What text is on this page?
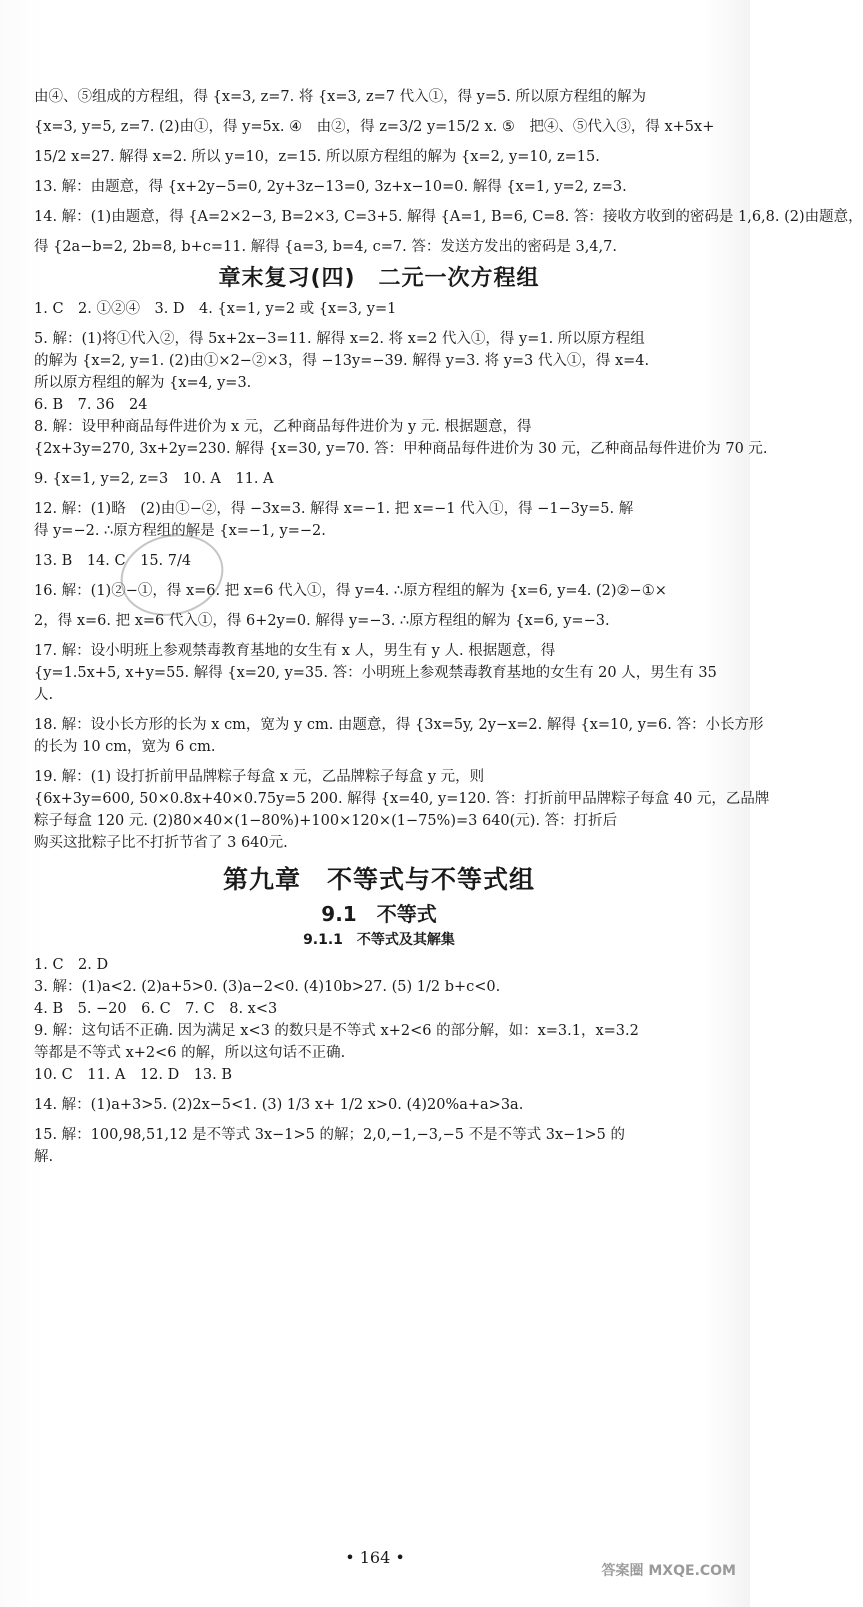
由④、⑤组成的方程组，得 {x=3, z=7. 将 {x=3, z=7 代入①，得 y=5. 所以原方程组的解为
{x=3, y=5, z=7. (2)由①，得 y=5x. ④　由②，得 z=3/2 y=15/2 x. ⑤　把④、⑤代入③，得 x+5x+
15/2 x=27. 解得 x=2. 所以 y=10，z=15. 所以原方程组的解为 {x=2, y=10, z=15.
13. 解：由题意，得 {x+2y−5=0, 2y+3z−13=0, 3z+x−10=0. 解得 {x=1, y=2, z=3.
14. 解：(1)由题意，得 {A=2×2−3, B=2×3, C=3+5. 解得 {A=1, B=6, C=8. 答：接收方收到的密码是 1,6,8. (2)由题意，
得 {2a−b=2, 2b=8, b+c=11. 解得 {a=3, b=4, c=7. 答：发送方发出的密码是 3,4,7.
章末复习(四)　二元一次方程组
1. C　2. ①②④　3. D　4. {x=1, y=2 或 {x=3, y=1
5. 解：(1)将①代入②，得 5x+2x−3=11. 解得 x=2. 将 x=2 代入①，得 y=1. 所以原方程组
的解为 {x=2, y=1. (2)由①×2−②×3，得 −13y=−39. 解得 y=3. 将 y=3 代入①，得 x=4.
所以原方程组的解为 {x=4, y=3.
6. B　7. 36　24
8. 解：设甲种商品每件进价为 x 元，乙种商品每件进价为 y 元. 根据题意，得
{2x+3y=270, 3x+2y=230. 解得 {x=30, y=70. 答：甲种商品每件进价为 30 元，乙种商品每件进价为 70 元.
9. {x=1, y=2, z=3　10. A　11. A
12. 解：(1)略　(2)由①−②，得 −3x=3. 解得 x=−1. 把 x=−1 代入①，得 −1−3y=5. 解
得 y=−2. ∴原方程组的解是 {x=−1, y=−2.
13. B　14. C　15. 7/4
16. 解：(1)②−①，得 x=6. 把 x=6 代入①，得 y=4. ∴原方程组的解为 {x=6, y=4. (2)②−①×
2，得 x=6. 把 x=6 代入①，得 6+2y=0. 解得 y=−3. ∴原方程组的解为 {x=6, y=−3.
17. 解：设小明班上参观禁毒教育基地的女生有 x 人，男生有 y 人. 根据题意，得
{y=1.5x+5, x+y=55. 解得 {x=20, y=35. 答：小明班上参观禁毒教育基地的女生有 20 人，男生有 35
人.
18. 解：设小长方形的长为 x cm，宽为 y cm. 由题意，得 {3x=5y, 2y−x=2. 解得 {x=10, y=6. 答：小长方形
的长为 10 cm，宽为 6 cm.
19. 解：(1) 设打折前甲品牌粽子每盒 x 元，乙品牌粽子每盒 y 元，则
{6x+3y=600, 50×0.8x+40×0.75y=5 200. 解得 {x=40, y=120. 答：打折前甲品牌粽子每盒 40 元，乙品牌
粽子每盒 120 元. (2)80×40×(1−80%)+100×120×(1−75%)=3 640(元). 答：打折后
购买这批粽子比不打折节省了 3 640元.
第九章　不等式与不等式组
9.1　不等式
9.1.1　不等式及其解集
1. C　2. D
3. 解：(1)a<2. (2)a+5>0. (3)a−2<0. (4)10b>27. (5) 1/2 b+c<0.
4. B　5. −20　6. C　7. C　8. x<3
9. 解：这句话不正确. 因为满足 x<3 的数只是不等式 x+2<6 的部分解，如：x=3.1，x=3.2
等都是不等式 x+2<6 的解，所以这句话不正确.
10. C　11. A　12. D　13. B
14. 解：(1)a+3>5. (2)2x−5<1. (3) 1/3 x+ 1/2 x>0. (4)20%a+a>3a.
15. 解：100,98,51,12 是不等式 3x−1>5 的解；2,0,−1,−3,−5 不是不等式 3x−1>5 的
解.
• 164 •
答案圈 MXQE.COM
